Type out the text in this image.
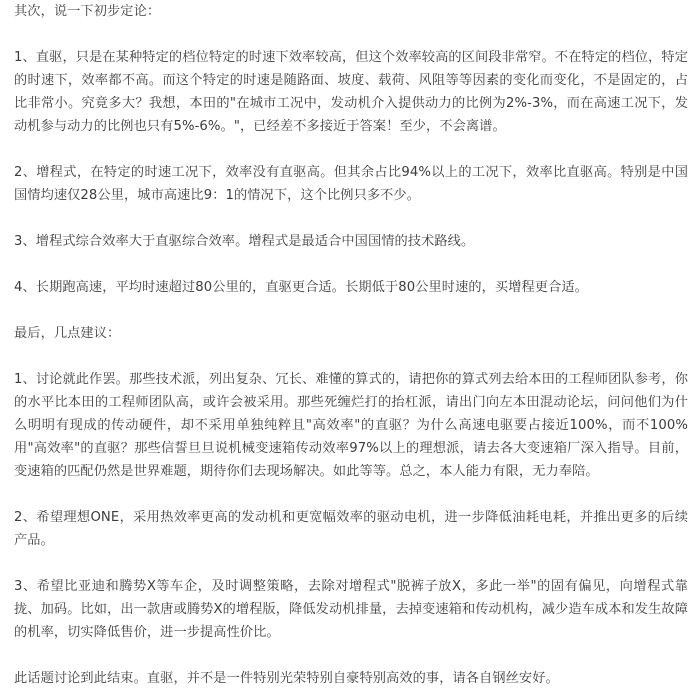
其次，说一下初步定论：

1、直驱，只是在某种特定的档位特定的时速下效率较高，但这个效率较高的区间段非常窄。不在特定的档位，特定的时速下，效率都不高。而这个特定的时速是随路面、坡度、载荷、风阻等等因素的变化而变化，不是固定的，占比非常小。究竟多大？我想，本田的"在城市工况中，发动机介入提供动力的比例为2%-3%，而在高速工况下，发动机参与动力的比例也只有5%-6%。"，已经差不多接近于答案！至少，不会离谱。

2、增程式，在特定的时速工况下，效率没有直驱高。但其余占比94%以上的工况下，效率比直驱高。特别是中国国情均速仅28公里，城市高速比9：1的情况下，这个比例只多不少。

3、增程式综合效率大于直驱综合效率。增程式是最适合中国国情的技术路线。

4、长期跑高速，平均时速超过80公里的，直驱更合适。长期低于80公里时速的，买增程更合适。

最后，几点建议：

1、讨论就此作罢。那些技术派，列出复杂、冗长、难懂的算式的，请把你的算式列去给本田的工程师团队参考，你的水平比本田的工程师团队高，或许会被采用。那些死缠烂打的抬杠派，请出门向左本田混动论坛，问问他们为什么明明有现成的传动硬件，却不采用单独纯粹且"高效率"的直驱？为什么高速电驱要占接近100%，而不100%用"高效率"的直驱？那些信誓旦旦说机械变速箱传动效率97%以上的理想派，请去各大变速箱厂深入指导。目前，变速箱的匹配仍然是世界难题，期待你们去现场解决。如此等等。总之，本人能力有限，无力奉陪。

2、希望理想ONE，采用热效率更高的发动机和更宽幅效率的驱动电机，进一步降低油耗电耗，并推出更多的后续产品。

3、希望比亚迪和腾势X等车企，及时调整策略，去除对增程式"脱裤子放X，多此一举"的固有偏见，向增程式靠拢、加码。比如，出一款唐或腾势X的增程版，降低发动机排量，去掉变速箱和传动机构，减少造车成本和发生故障的机率，切实降低售价，进一步提高性价比。

此话题讨论到此结束。直驱，并不是一件特别光荣特别自豪特别高效的事，请各自钢丝安好。
